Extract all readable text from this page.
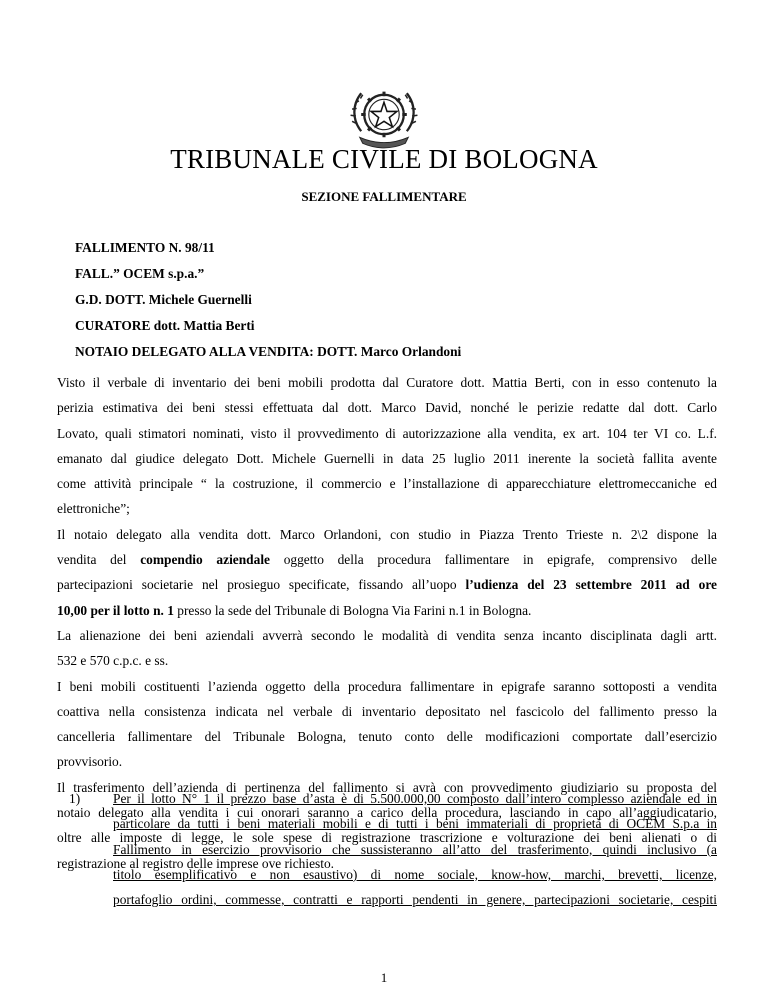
TRIBUNALE CIVILE DI BOLOGNA
SEZIONE FALLIMENTARE
FALLIMENTO N. 98/11
FALL.” OCEM s.p.a.”
G.D. DOTT. Michele Guernelli
CURATORE dott. Mattia Berti
NOTAIO DELEGATO ALLA VENDITA: DOTT. Marco Orlandoni
Visto il verbale di inventario dei beni mobili prodotta dal Curatore dott. Mattia Berti, con in esso contenuto la
perizia estimativa dei beni stessi effettuata dal dott. Marco David, nonché le perizie redatte dal dott. Carlo
Lovato, quali stimatori nominati, visto il provvedimento di autorizzazione alla vendita, ex art. 104 ter VI co. L.f.
emanato dal giudice delegato Dott. Michele Guernelli in data 25 luglio 2011 inerente la società fallita avente
come attività principale “ la costruzione, il commercio e l’installazione di apparecchiature elettromeccaniche ed
elettroniche”;
Il notaio delegato alla vendita dott. Marco Orlandoni, con studio in Piazza Trento Trieste n. 2\2 dispone la
vendita del compendio aziendale oggetto della procedura fallimentare in epigrafe, comprensivo delle
partecipazioni societarie nel prosieguo specificate, fissando all’uopo l’udienza del 23 settembre 2011 ad ore
10,00 per il lotto n. 1 presso la sede del Tribunale di Bologna Via Farini n.1 in Bologna.
La alienazione dei beni aziendali avverrà secondo le modalità di vendita senza incanto disciplinata dagli artt.
532 e 570 c.p.c. e ss.
I beni mobili costituenti l’azienda oggetto della procedura fallimentare in epigrafe saranno sottoposti a vendita
coattiva nella consistenza indicata nel verbale di inventario depositato nel fascicolo del fallimento presso la
cancelleria fallimentare del Tribunale Bologna, tenuto conto delle modificazioni comportate dall’esercizio
provvisorio.
Il trasferimento dell’azienda di pertinenza del fallimento si avrà con provvedimento giudiziario su proposta del
notaio delegato alla vendita i cui onorari saranno a carico della procedura, lasciando in capo all’aggiudicatario,
oltre alle imposte di legge, le sole spese di registrazione trascrizione e volturazione dei beni alienati o di
registrazione al registro delle imprese ove richiesto.
1) Per il lotto N° 1 il prezzo base d’asta è di 5.500.000,00 composto dall’intero complesso aziendale ed in
particolare da tutti i beni materiali mobili e di tutti i beni immateriali di proprietà di OCEM S.p.a in
Fallimento in esercizio provvisorio che sussisteranno all’atto del trasferimento, quindi inclusivo (a
titolo esemplificativo e non esaustivo) di nome sociale, know-how, marchi, brevetti, licenze,
portafoglio ordini, commesse, contratti e rapporti pendenti in genere, partecipazioni societarie, cespiti
1
